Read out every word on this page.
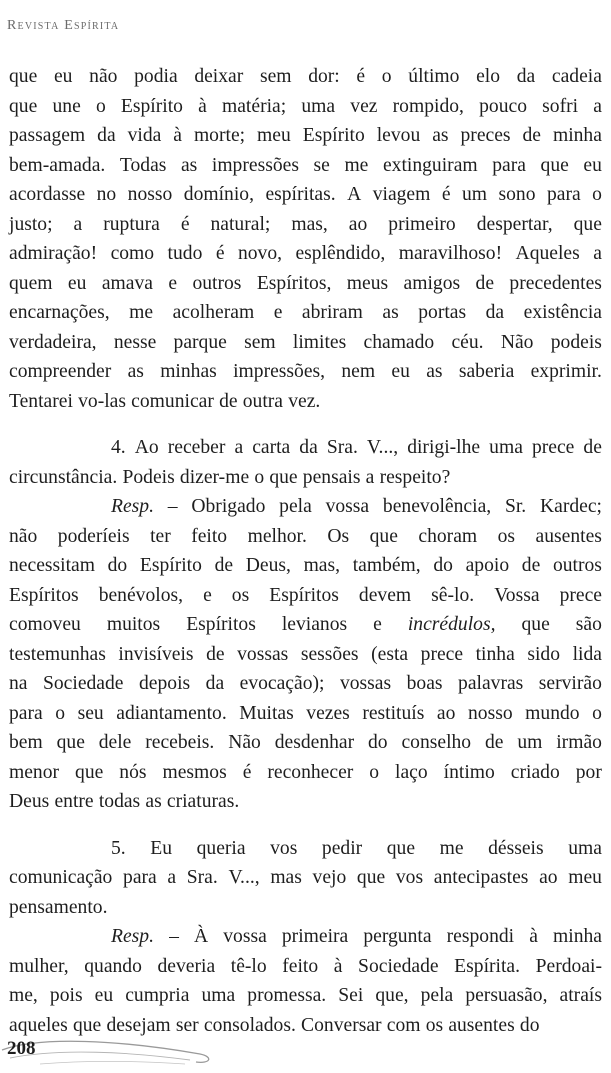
Revista Espírita
que eu não podia deixar sem dor: é o último elo da cadeia
que une o Espírito à matéria; uma vez rompido, pouco sofri a
passagem da vida à morte; meu Espírito levou as preces de minha
bem-amada. Todas as impressões se me extinguiram para que eu
acordasse no nosso domínio, espíritas. A viagem é um sono para o
justo; a ruptura é natural; mas, ao primeiro despertar, que
admiração! como tudo é novo, esplêndido, maravilhoso! Aqueles a
quem eu amava e outros Espíritos, meus amigos de precedentes
encarnações, me acolheram e abriram as portas da existência
verdadeira, nesse parque sem limites chamado céu. Não podeis
compreender as minhas impressões, nem eu as saberia exprimir.
Tentarei vo-las comunicar de outra vez.
4. Ao receber a carta da Sra. V..., dirigi-lhe uma prece de
circunstância. Podeis dizer-me o que pensais a respeito?
Resp. – Obrigado pela vossa benevolência, Sr. Kardec;
não poderíeis ter feito melhor. Os que choram os ausentes
necessitam do Espírito de Deus, mas, também, do apoio de outros
Espíritos benévolos, e os Espíritos devem sê-lo. Vossa prece
comoveu muitos Espíritos levianos e incrédulos, que são
testemunhas invisíveis de vossas sessões (esta prece tinha sido lida
na Sociedade depois da evocação); vossas boas palavras servirão
para o seu adiantamento. Muitas vezes restituís ao nosso mundo o
bem que dele recebeis. Não desdenhar do conselho de um irmão
menor que nós mesmos é reconhecer o laço íntimo criado por
Deus entre todas as criaturas.
5. Eu queria vos pedir que me désseis uma
comunicação para a Sra. V..., mas vejo que vos antecipastes ao meu
pensamento.
Resp. – À vossa primeira pergunta respondi à minha
mulher, quando deveria tê-lo feito à Sociedade Espírita. Perdoai-
me, pois eu cumpria uma promessa. Sei que, pela persuasão, atraís
aqueles que desejam ser consolados. Conversar com os ausentes do
208
